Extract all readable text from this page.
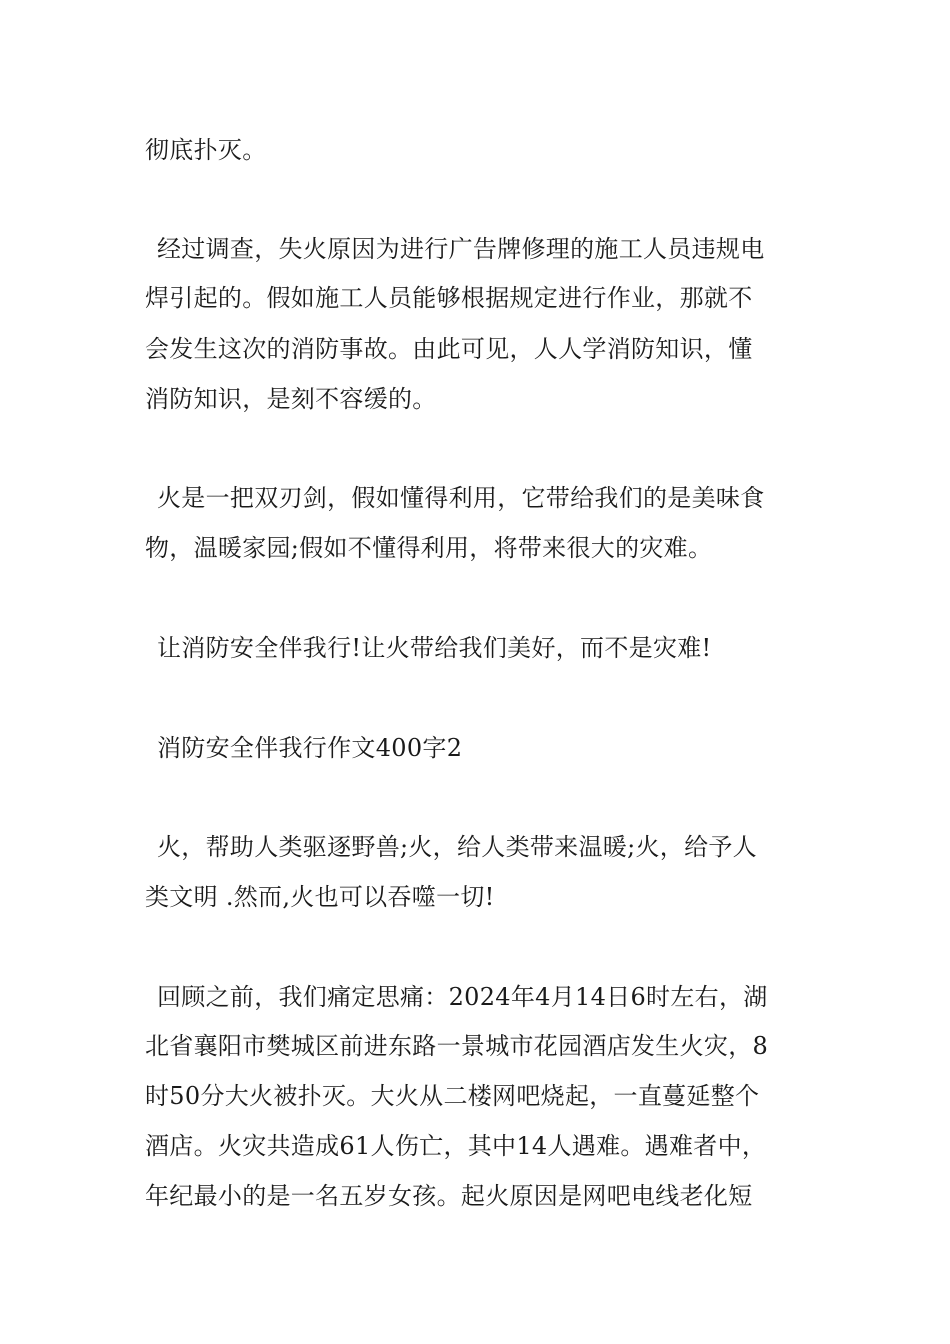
彻底扑灭。
经过调查，失火原因为进行广告牌修理的施工人员违规电
焊引起的。假如施工人员能够根据规定进行作业，那就不
会发生这次的消防事故。由此可见，人人学消防知识，懂
消防知识，是刻不容缓的。
火是一把双刃剑，假如懂得利用，它带给我们的是美味食
物，温暖家园;假如不懂得利用，将带来很大的灾难。
让消防安全伴我行!让火带给我们美好，而不是灾难!
消防安全伴我行作文400字2
火，帮助人类驱逐野兽;火，给人类带来温暖;火，给予人
类文明 .然而,火也可以吞噬一切!
回顾之前，我们痛定思痛：2024年4月14日6时左右，湖
北省襄阳市樊城区前进东路一景城市花园酒店发生火灾，8
时50分大火被扑灭。大火从二楼网吧烧起，一直蔓延整个
酒店。火灾共造成61人伤亡，其中14人遇难。遇难者中，
年纪最小的是一名五岁女孩。起火原因是网吧电线老化短
